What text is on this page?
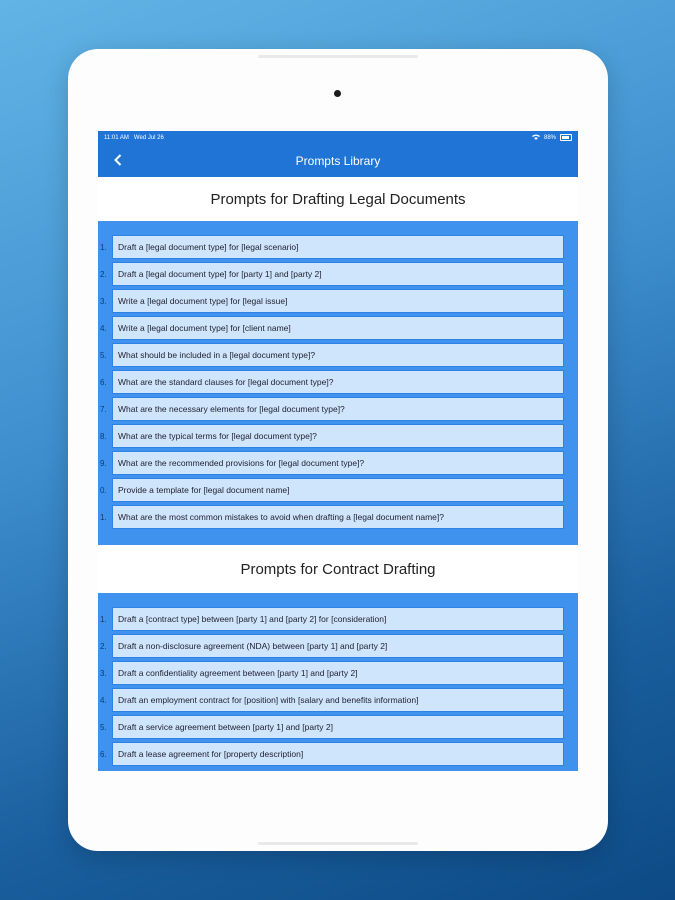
11:01 AM Wed Jul 26	88%
Prompts Library
Prompts for Drafting Legal Documents
1.	Draft a [legal document type] for [legal scenario]
2.	Draft a [legal document type] for [party 1] and [party 2]
3.	Write a [legal document type] for [legal issue]
4.	Write a [legal document type] for [client name]
5.	What should be included in a [legal document type]?
6.	What are the standard clauses for [legal document type]?
7.	What are the necessary elements for [legal document type]?
8.	What are the typical terms for [legal document type]?
9.	What are the recommended provisions for [legal document type]?
0.	Provide a template for [legal document name]
1.	What are the most common mistakes to avoid when drafting a [legal document name]?
Prompts for Contract Drafting
1.	Draft a [contract type] between [party 1] and [party 2] for [consideration]
2.	Draft a non-disclosure agreement (NDA) between [party 1] and [party 2]
3.	Draft a confidentiality agreement between [party 1] and [party 2]
4.	Draft an employment contract for [position] with [salary and benefits information]
5.	Draft a service agreement between [party 1] and [party 2]
6.	Draft a lease agreement for [property description]
